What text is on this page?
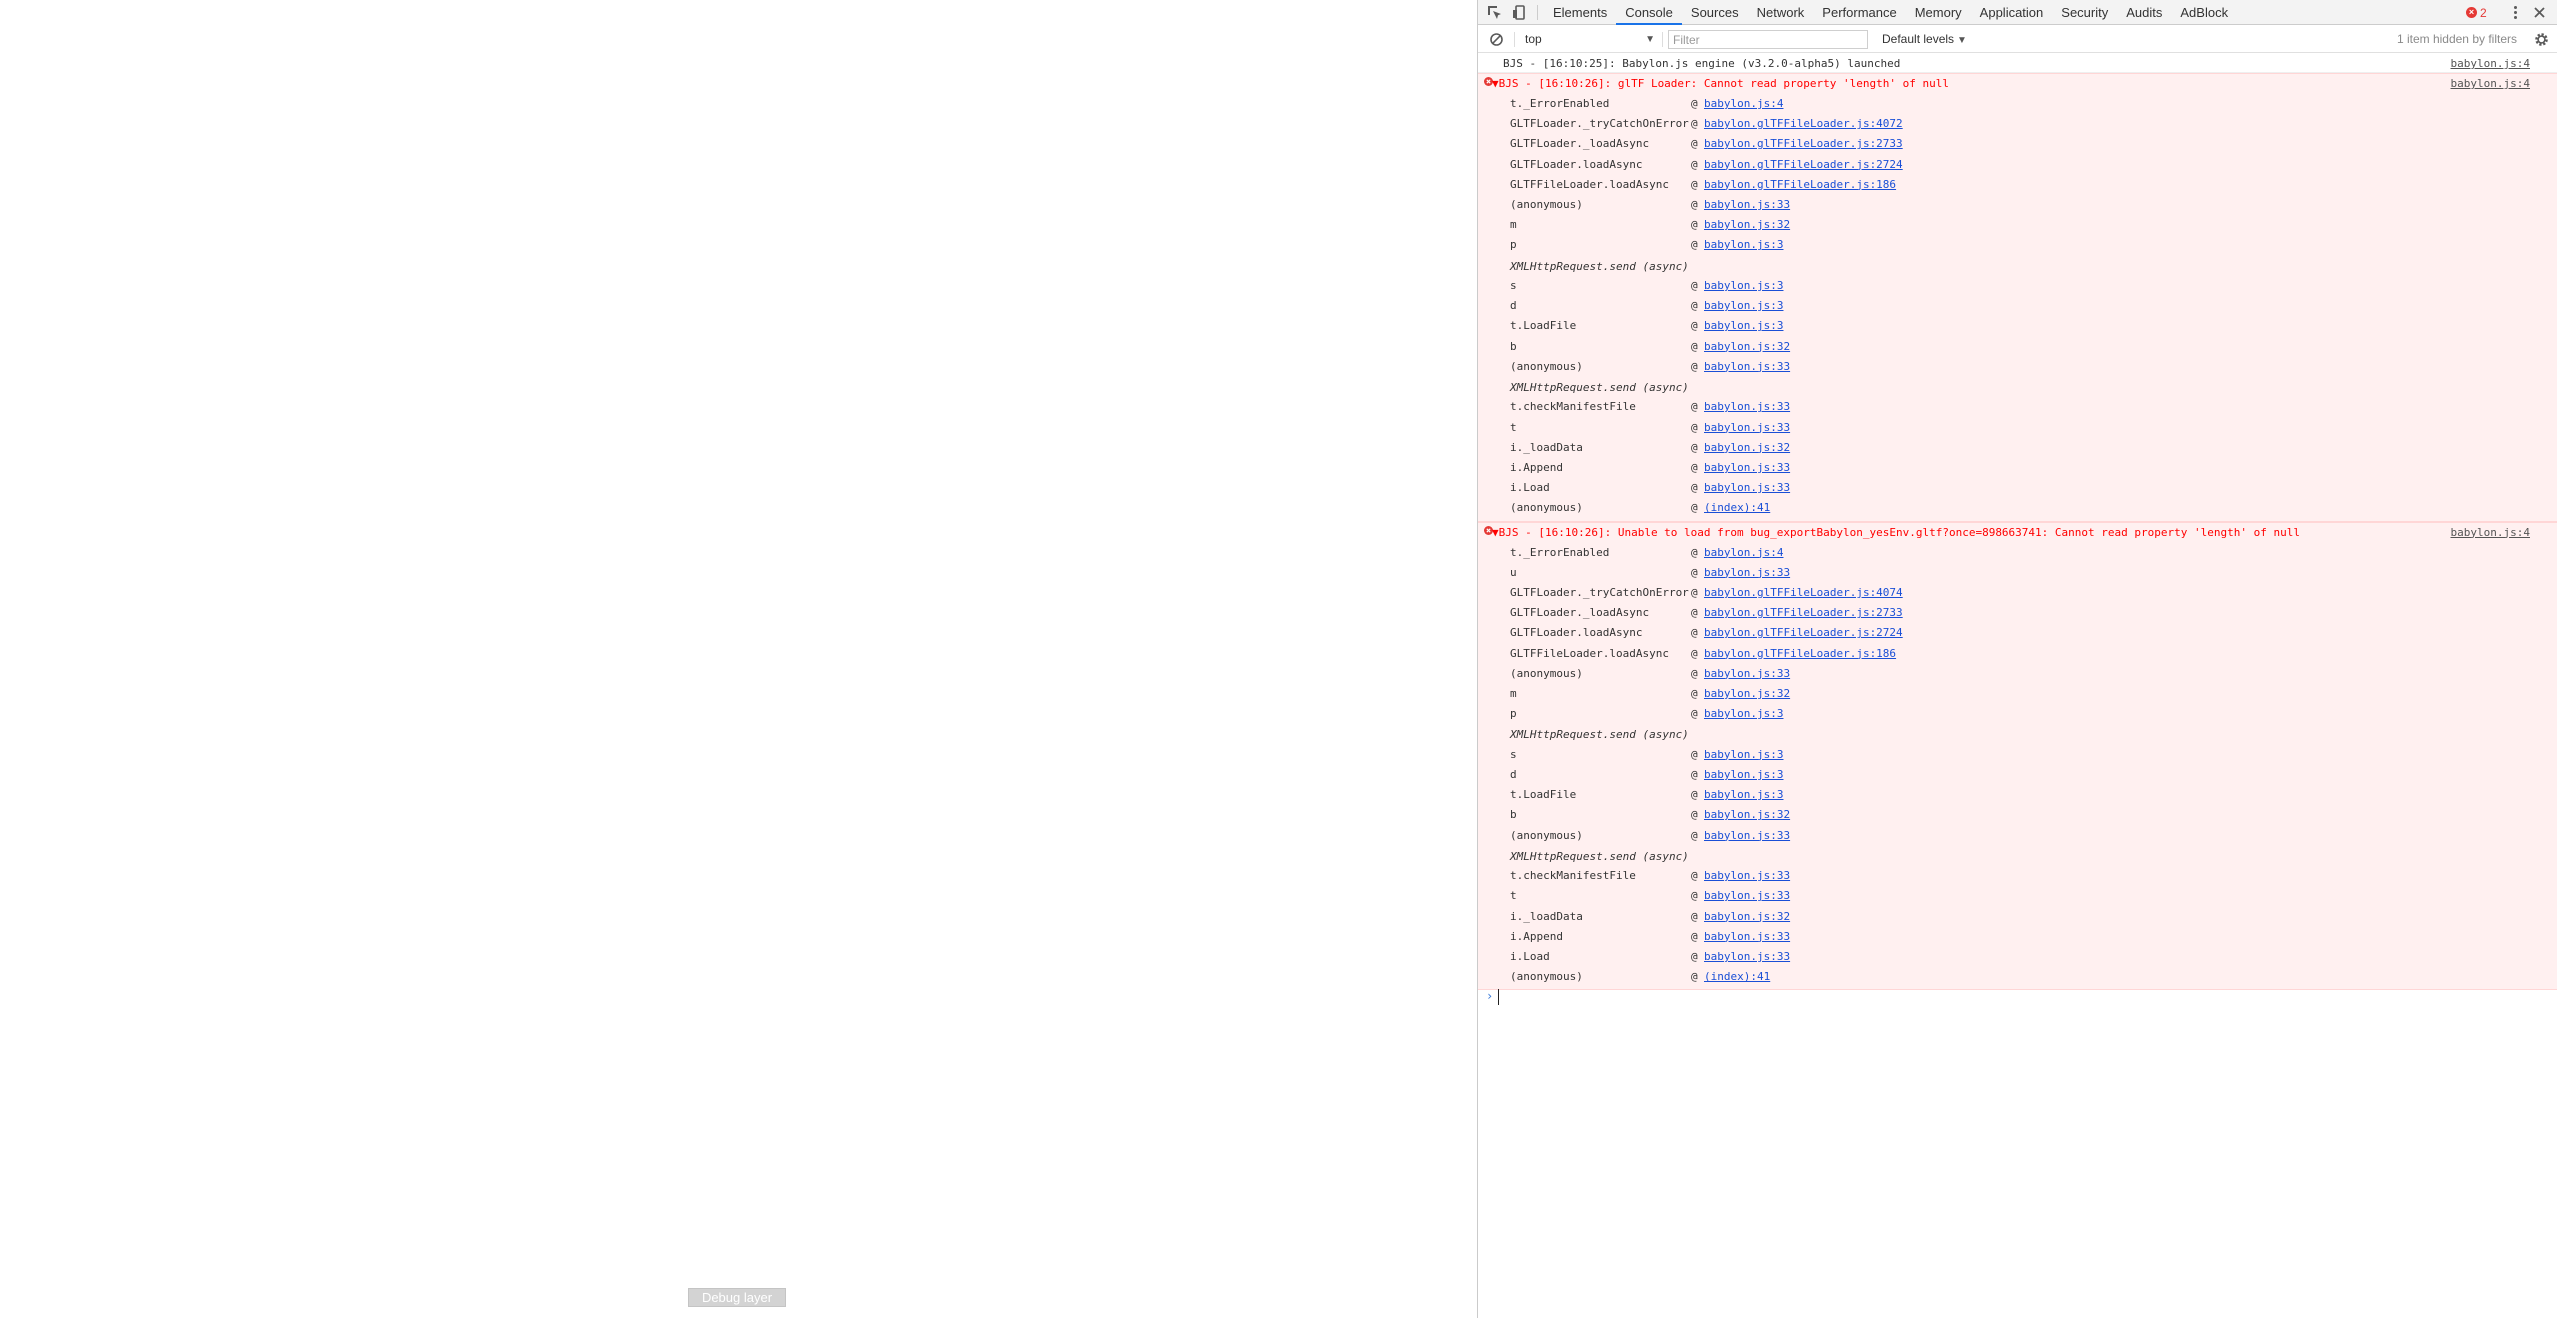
Debug layer
Elements	Console	Sources	Network	Performance	Memory	Application	Security	Audits	AdBlock	× 2
top	▼
Filter	Default levels ▼	1 item hidden by filters
BJS - [16:10:25]: Babylon.js engine (v3.2.0-alpha5) launched	babylon.js:4
▼BJS - [16:10:26]: glTF Loader: Cannot read property 'length' of null	babylon.js:4
t._ErrorEnabled	@ babylon.js:4
GLTFLoader._tryCatchOnError @ babylon.glTFFileLoader.js:4072
GLTFLoader._loadAsync	@ babylon.glTFFileLoader.js:2733
GLTFLoader.loadAsync	@ babylon.glTFFileLoader.js:2724
GLTFFileLoader.loadAsync @ babylon.glTFFileLoader.js:186
(anonymous)	@ babylon.js:33
m	@ babylon.js:32
p	@ babylon.js:3
XMLHttpRequest.send (async)
s	@ babylon.js:3
d	@ babylon.js:3
t.LoadFile	@ babylon.js:3
b	@ babylon.js:32
(anonymous)	@ babylon.js:33
XMLHttpRequest.send (async)
t.checkManifestFile	@ babylon.js:33
t	@ babylon.js:33
i._loadData	@ babylon.js:32
i.Append	@ babylon.js:33
i.Load	@ babylon.js:33
(anonymous)	@ (index):41
▼BJS - [16:10:26]: Unable to load from bug_exportBabylon_yesEnv.gltf?once=898663741: Cannot read property 'length' of null	babylon.js:4
t._ErrorEnabled	@ babylon.js:4
u	@ babylon.js:33
GLTFLoader._tryCatchOnError @ babylon.glTFFileLoader.js:4074
GLTFLoader._loadAsync	@ babylon.glTFFileLoader.js:2733
GLTFLoader.loadAsync	@ babylon.glTFFileLoader.js:2724
GLTFFileLoader.loadAsync @ babylon.glTFFileLoader.js:186
(anonymous)	@ babylon.js:33
m	@ babylon.js:32
p	@ babylon.js:3
XMLHttpRequest.send (async)
s	@ babylon.js:3
d	@ babylon.js:3
t.LoadFile	@ babylon.js:3
b	@ babylon.js:32
(anonymous)	@ babylon.js:33
XMLHttpRequest.send (async)
t.checkManifestFile	@ babylon.js:33
t	@ babylon.js:33
i._loadData	@ babylon.js:32
i.Append	@ babylon.js:33
i.Load	@ babylon.js:33
(anonymous)	@ (index):41
›
